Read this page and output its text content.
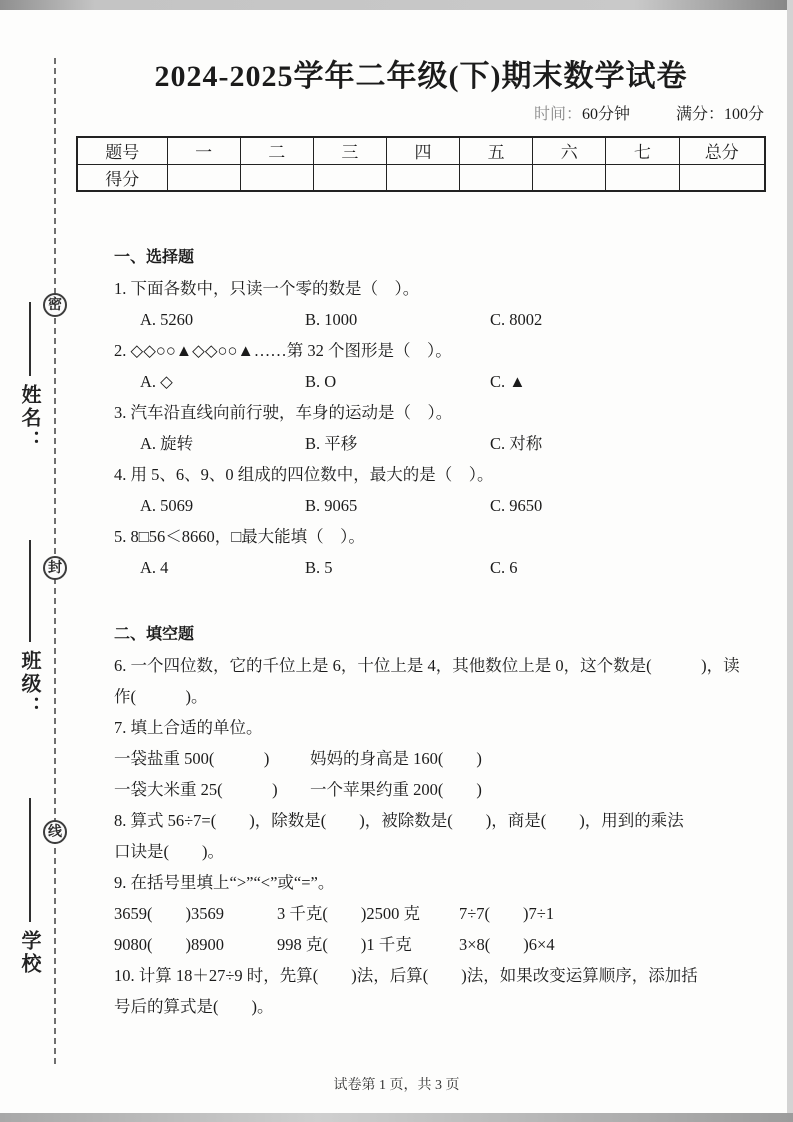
密
封
线
姓名：
班级：
学校
2024-2025学年二年级(下)期末数学试卷
时间：60分钟	满分：100分
题号	一	二	三	四	五	六	七	总分
得分								
一、选择题
1. 下面各数中，只读一个零的数是（　）。
A. 5260	B. 1000	C. 8002
2. ◇◇○○▲◇◇○○▲……第 32 个图形是（　）。
A. ◇	B. O	C. ▲
3. 汽车沿直线向前行驶，车身的运动是（　）。
A. 旋转	B. 平移	C. 对称
4. 用 5、6、9、0 组成的四位数中，最大的是（　）。
A. 5069	B. 9065	C. 9650
5. 8□56＜8660，□最大能填（　）。
A. 4	B. 5	C. 6
二、填空题
6. 一个四位数，它的千位上是 6，十位上是 4，其他数位上是 0，这个数是(　　　)，读
作(　　　)。
7. 填上合适的单位。
一袋盐重 500(　　　)	妈妈的身高是 160(　　)
一袋大米重 25(　　　)	一个苹果约重 200(　　)
8. 算式 56÷7=(　　)，除数是(　　)，被除数是(　　)，商是(　　)，用到的乘法
口诀是(　　)。
9. 在括号里填上“>”“<”或“=”。
3659(　　)3569	3 千克(　　)2500 克	7÷7(　　)7÷1
9080(　　)8900	998 克(　　)1 千克	3×8(　　)6×4
10. 计算 18＋27÷9 时，先算(　　)法，后算(　　)法，如果改变运算顺序，添加括
号后的算式是(　　)。
试卷第 1 页，共 3 页
